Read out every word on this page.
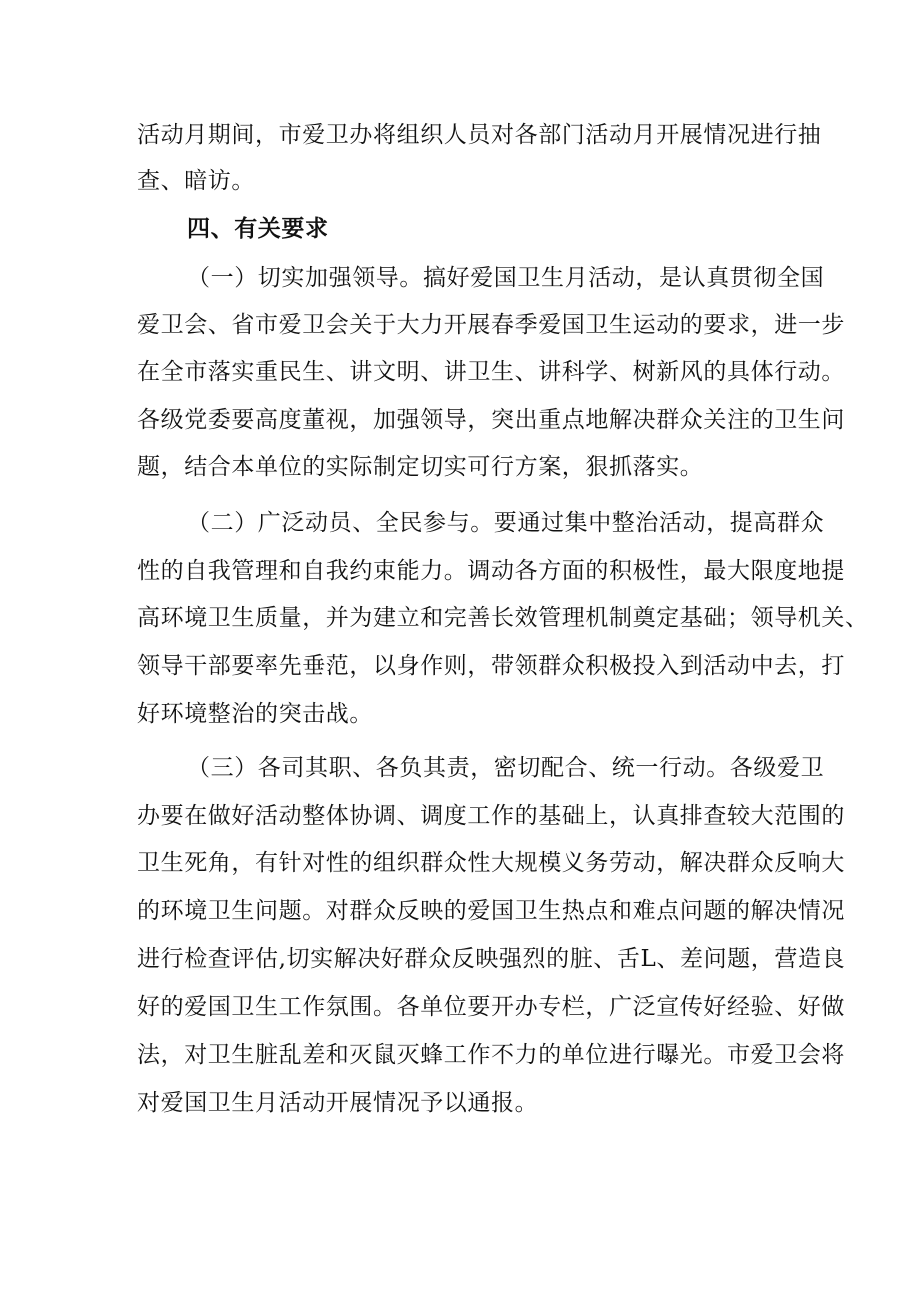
活动月期间，市爱卫办将组织人员对各部门活动月开展情况进行抽
查、暗访。
四、有关要求
（一）切实加强领导。搞好爱国卫生月活动，是认真贯彻全国
爱卫会、省市爱卫会关于大力开展春季爱国卫生运动的要求，进一步
在全市落实重民生、讲文明、讲卫生、讲科学、树新风的具体行动。
各级党委要高度董视，加强领导，突出重点地解决群众关注的卫生问
题，结合本单位的实际制定切实可行方案，狠抓落实。
（二）广泛动员、全民参与。要通过集中整治活动，提高群众
性的自我管理和自我约束能力。调动各方面的积极性，最大限度地提
高环境卫生质量，并为建立和完善长效管理机制奠定基础；领导机关、
领导干部要率先垂范，以身作则，带领群众积极投入到活动中去，打
好环境整治的突击战。
（三）各司其职、各负其责，密切配合、统一行动。各级爱卫
办要在做好活动整体协调、调度工作的基础上，认真排查较大范围的
卫生死角，有针对性的组织群众性大规模义务劳动，解决群众反响大
的环境卫生问题。对群众反映的爱国卫生热点和难点问题的解决情况
进行检查评估,切实解决好群众反映强烈的脏、舌L、差问题，营造良
好的爱国卫生工作氛围。各单位要开办专栏，广泛宣传好经验、好做
法，对卫生脏乱差和灭鼠灭蜂工作不力的单位进行曝光。市爱卫会将
对爱国卫生月活动开展情况予以通报。
